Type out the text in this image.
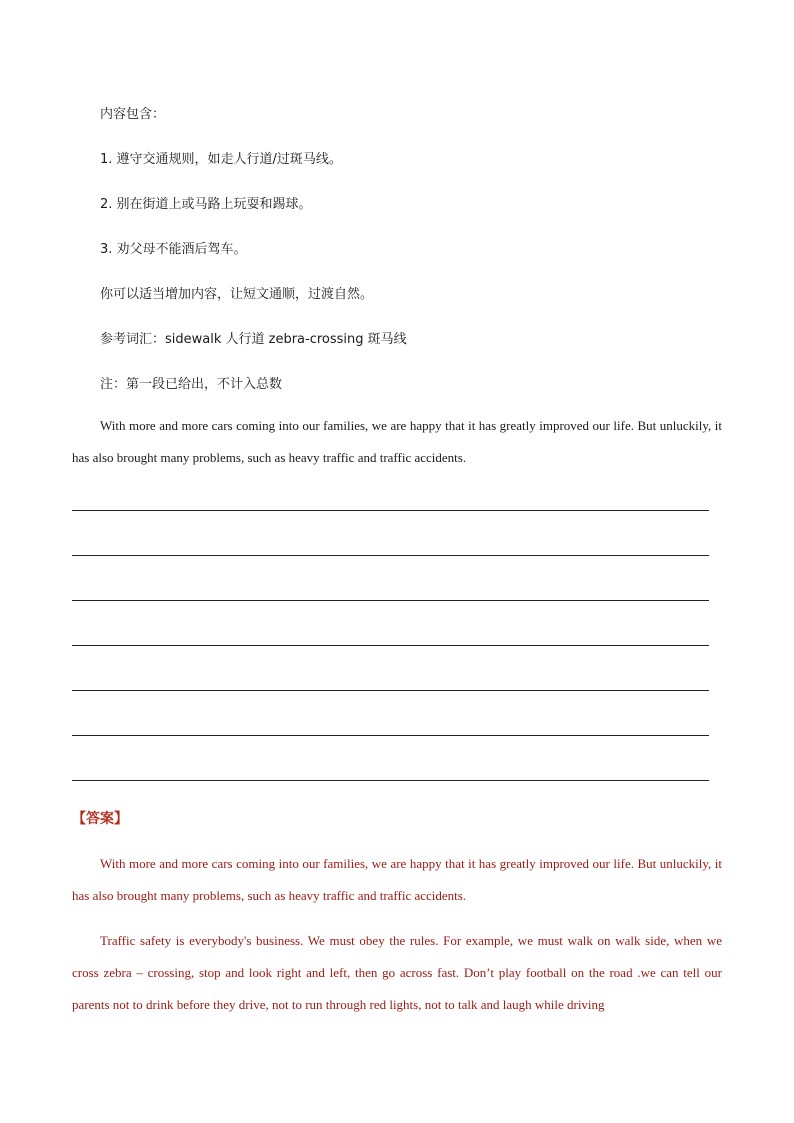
内容包含：
1. 遵守交通规则，如走人行道/过斑马线。
2. 别在街道上或马路上玩耍和踢球。
3. 劝父母不能酒后驾车。
你可以适当增加内容，让短文通顺，过渡自然。
参考词汇：sidewalk 人行道 zebra-crossing 斑马线
注：第一段已给出，不计入总数
With more and more cars coming into our families, we are happy that it has greatly improved our life. But unluckily, it has also brought many problems, such as heavy traffic and traffic accidents.
【答案】
With more and more cars coming into our families, we are happy that it has greatly improved our life. But unluckily, it has also brought many problems, such as heavy traffic and traffic accidents.
Traffic safety is everybody's business. We must obey the rules. For example, we must walk on walk side, when we cross zebra – crossing, stop and look right and left, then go across fast. Don’t play football on the road .we can tell our parents not to drink before they drive, not to run through red lights, not to talk and laugh while driving
